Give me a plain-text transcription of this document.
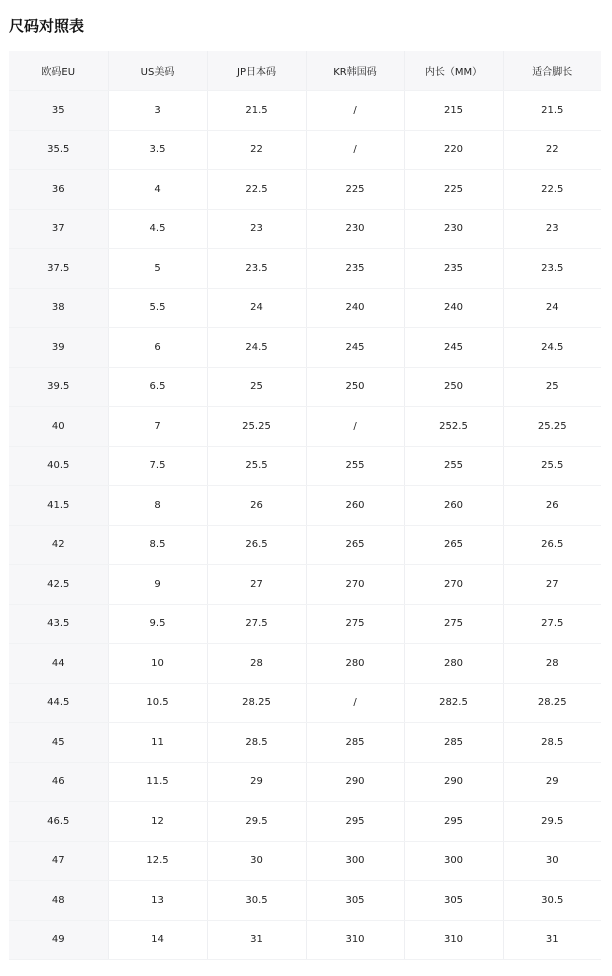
尺码对照表
欧码EU	US美码	JP日本码	KR韩国码	内长（MM）	适合脚长
35	3	21.5	/	215	21.5
35.5	3.5	22	/	220	22
36	4	22.5	225	225	22.5
37	4.5	23	230	230	23
37.5	5	23.5	235	235	23.5
38	5.5	24	240	240	24
39	6	24.5	245	245	24.5
39.5	6.5	25	250	250	25
40	7	25.25	/	252.5	25.25
40.5	7.5	25.5	255	255	25.5
41.5	8	26	260	260	26
42	8.5	26.5	265	265	26.5
42.5	9	27	270	270	27
43.5	9.5	27.5	275	275	27.5
44	10	28	280	280	28
44.5	10.5	28.25	/	282.5	28.25
45	11	28.5	285	285	28.5
46	11.5	29	290	290	29
46.5	12	29.5	295	295	29.5
47	12.5	30	300	300	30
48	13	30.5	305	305	30.5
49	14	31	310	310	31
